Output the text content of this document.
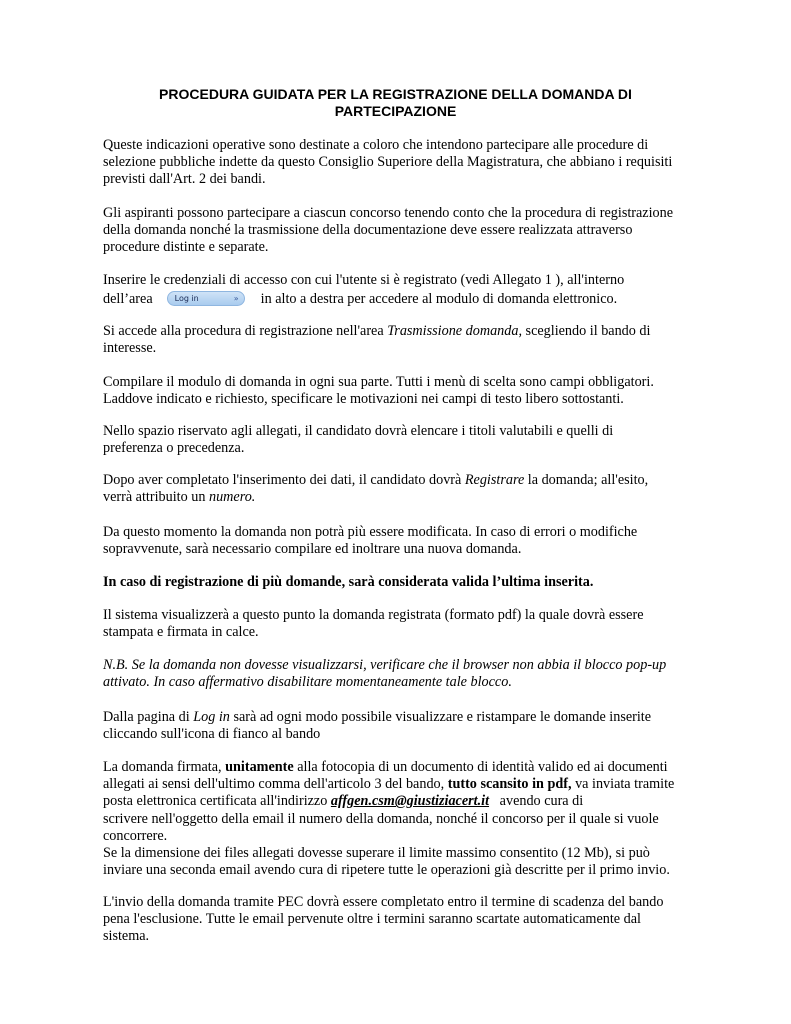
PROCEDURA GUIDATA PER LA REGISTRAZIONE DELLA DOMANDA DI
PARTECIPAZIONE
Queste indicazioni operative sono destinate a coloro che intendono partecipare alle procedure di
selezione pubbliche indette da questo Consiglio Superiore della Magistratura, che abbiano i requisiti
previsti dall'Art. 2 dei bandi.
Gli aspiranti possono partecipare a ciascun concorso tenendo conto che la procedura di registrazione
della domanda nonché la trasmissione della documentazione deve essere realizzata attraverso
procedure distinte e separate.
Inserire le credenziali di accesso con cui l'utente si è registrato (vedi Allegato 1 ), all'interno
dell’area	Log in	» in alto a destra per accedere al modulo di domanda elettronico.
Si accede alla procedura di registrazione nell'area Trasmissione domanda, scegliendo il bando di
interesse.
Compilare il modulo di domanda in ogni sua parte. Tutti i menù di scelta sono campi obbligatori.
Laddove indicato e richiesto, specificare le motivazioni nei campi di testo libero sottostanti.
Nello spazio riservato agli allegati, il candidato dovrà elencare i titoli valutabili e quelli di
preferenza o precedenza.
Dopo aver completato l'inserimento dei dati, il candidato dovrà Registrare la domanda; all'esito,
verrà attribuito un numero.
Da questo momento la domanda non potrà più essere modificata. In caso di errori o modifiche
sopravvenute, sarà necessario compilare ed inoltrare una nuova domanda.
In caso di registrazione di più domande, sarà considerata valida l’ultima inserita.
Il sistema visualizzerà a questo punto la domanda registrata (formato pdf) la quale dovrà essere
stampata e firmata in calce.
N.B. Se la domanda non dovesse visualizzarsi, verificare che il browser non abbia il blocco pop-up
attivato. In caso affermativo disabilitare momentaneamente tale blocco.
Dalla pagina di Log in sarà ad ogni modo possibile visualizzare e ristampare le domande inserite
cliccando sull'icona di fianco al bando
La domanda firmata, unitamente alla fotocopia di un documento di identità valido ed ai documenti
allegati ai sensi dell'ultimo comma dell'articolo 3 del bando, tutto scansito in pdf, va inviata tramite
posta elettronica certificata all'indirizzo affgen.csm@giustiziacert.it   avendo cura di
scrivere nell'oggetto della email il numero della domanda, nonché il concorso per il quale si vuole
concorrere.
Se la dimensione dei files allegati dovesse superare il limite massimo consentito (12 Mb), si può
inviare una seconda email avendo cura di ripetere tutte le operazioni già descritte per il primo invio.
L'invio della domanda tramite PEC dovrà essere completato entro il termine di scadenza del bando
pena l'esclusione. Tutte le email pervenute oltre i termini saranno scartate automaticamente dal
sistema.
